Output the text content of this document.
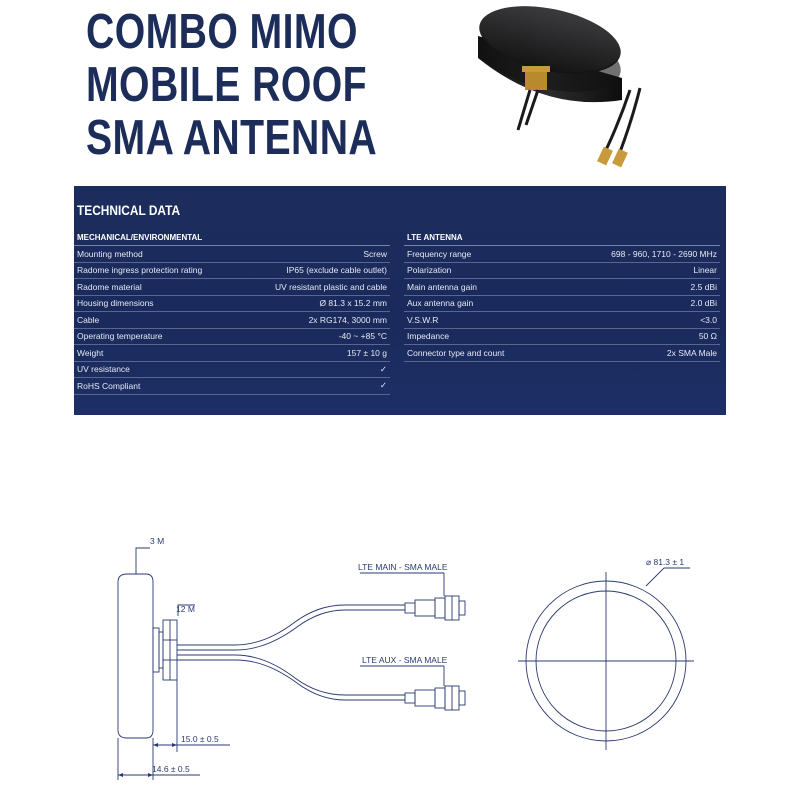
COMBO MIMO
MOBILE ROOF
SMA ANTENNA
TECHNICAL DATA
MECHANICAL/ENVIRONMENTAL
Mounting method	Screw
Radome ingress protection rating	IP65 (exclude cable outlet)
Radome material	UV resistant plastic and cable
Housing dimensions	Ø 81.3 x 15.2 mm
Cable	2x RG174, 3000 mm
Operating temperature	-40 ~ +85 °C
Weight	157 ± 10 g
UV resistance	✓
RoHS Compliant	✓
LTE ANTENNA
Frequency range	698 - 960, 1710 - 2690 MHz
Polarization	Linear
Main antenna gain	2.5 dBi
Aux antenna gain	2.0 dBi
V.S.W.R	<3.0
Impedance	50 Ω
Connector type and count	2x SMA Male
3 M
12 M
LTE MAIN - SMA MALE
LTE AUX - SMA MALE
15.0 ± 0.5
14.6 ± 0.5
⌀ 81.3 ± 1
